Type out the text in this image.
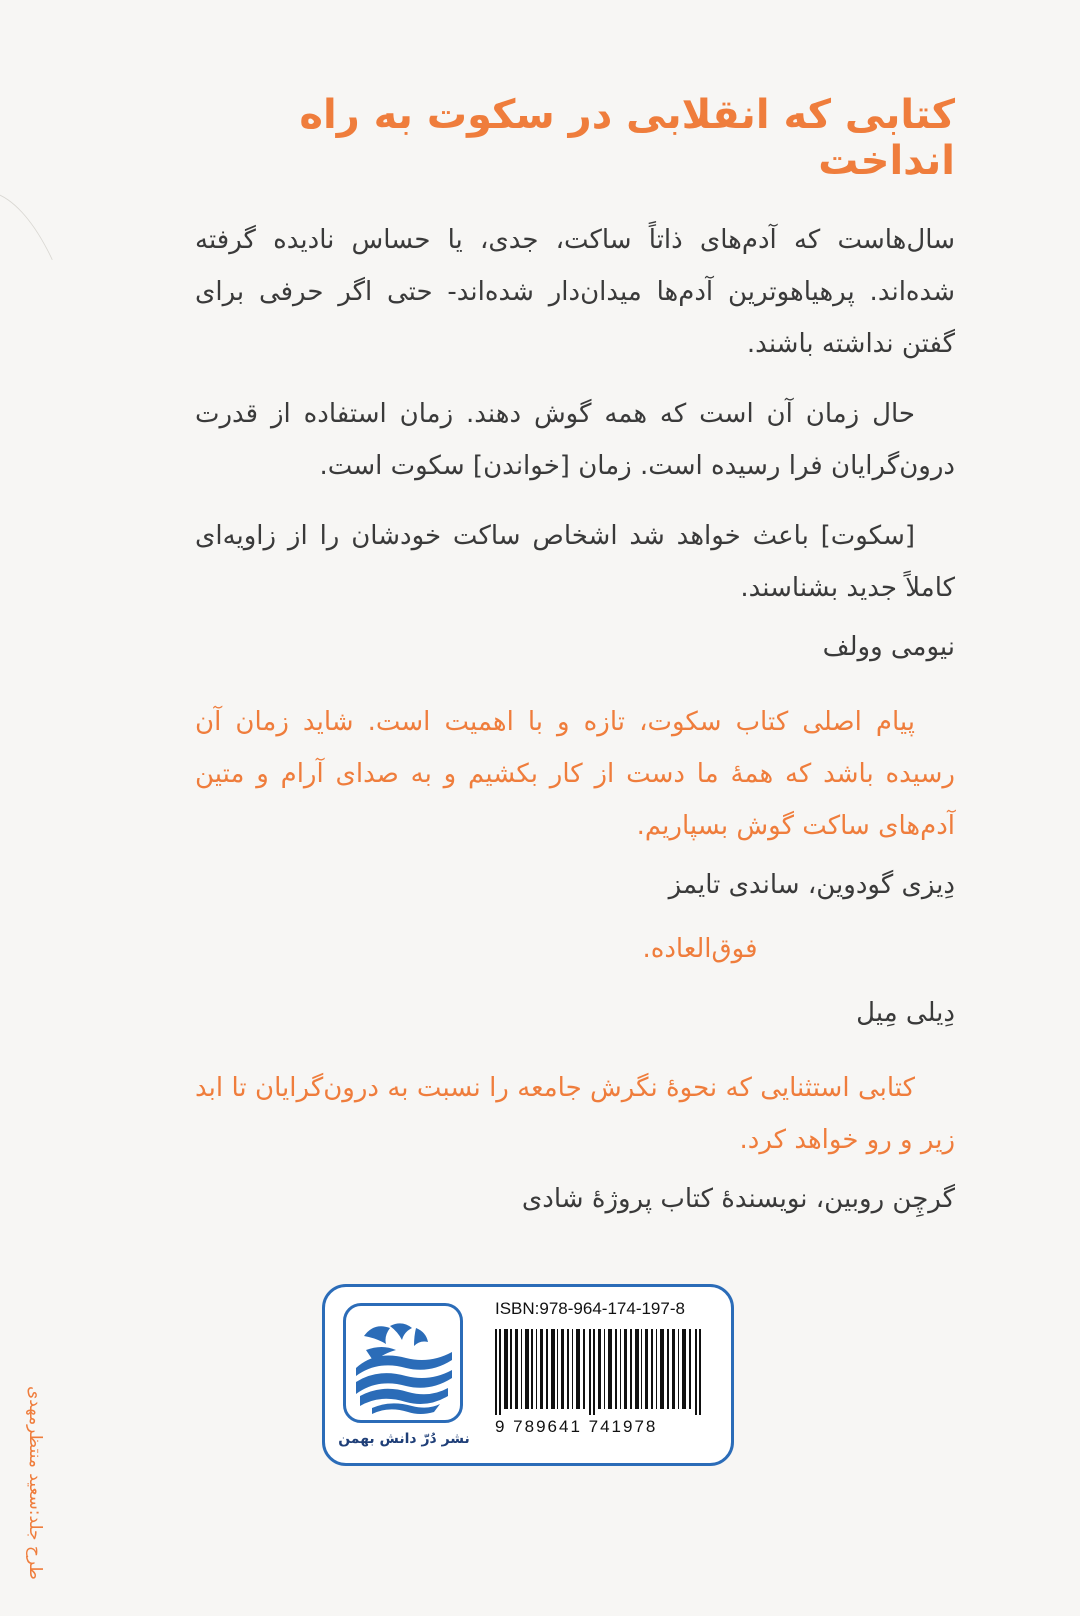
کتابی که انقلابی در سکوت به راه انداخت

سال‌هاست که آدم‌های ذاتاً ساکت، جدی، یا حساس نادیده گرفته شده‌اند. پرهیاهوترین آدم‌ها میدان‌دار شده‌اند- حتی اگر حرفی برای گفتن نداشته باشند.

حال زمان آن است که همه گوش دهند. زمان استفاده از قدرت درون‌گرایان فرا رسیده است. زمان [خواندن] سکوت است.

[سکوت] باعث خواهد شد اشخاص ساکت خودشان را از زاویه‌ای کاملاً جدید بشناسند.

نیومی وولف

پیام اصلی کتاب سکوت، تازه و با اهمیت است. شاید زمان آن رسیده باشد که همهٔ ما دست از کار بکشیم و به صدای آرام و متین آدم‌های ساکت گوش بسپاریم.

دِیزی گودوین، ساندی تایمز

فوق‌العاده.

دِیلی مِیل

کتابی استثنایی که نحوهٔ نگرش جامعه را نسبت به درون‌گرایان تا ابد زیر و رو خواهد کرد.

گرچِن روبین، نویسندهٔ کتاب پروژهٔ شادی

طرح جلد:سعید منتظرمهدی	نشر دُرّ دانش بهمن
ISBN:978-964-174-197-8
9 789641 741978
